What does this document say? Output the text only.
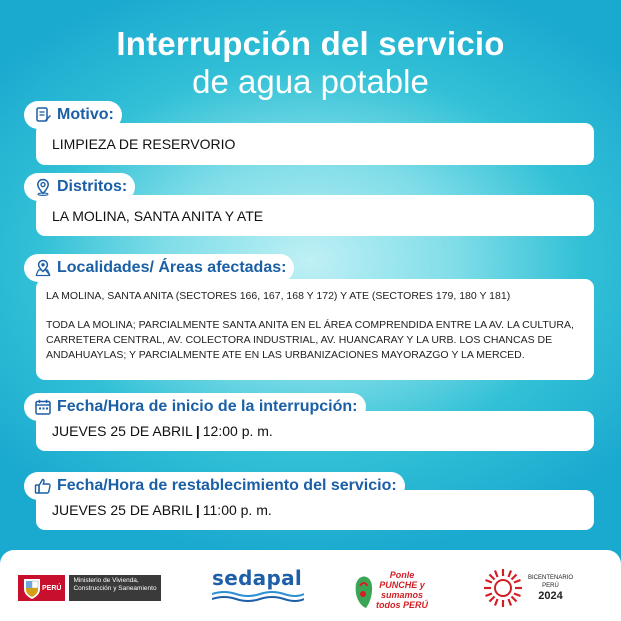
Interrupción del servicio
de agua potable
Motivo:
LIMPIEZA DE RESERVORIO
Distritos:
LA MOLINA, SANTA ANITA Y ATE
Localidades/ Áreas afectadas:

LA MOLINA, SANTA ANITA (SECTORES 166, 167, 168 Y 172) Y ATE (SECTORES 179, 180 Y 181)

TODA LA MOLINA; PARCIALMENTE SANTA ANITA EN EL ÁREA COMPRENDIDA ENTRE LA AV. LA CULTURA, CARRETERA CENTRAL, AV. COLECTORA INDUSTRIAL, AV. HUANCARAY Y LA URB. LOS CHANCAS DE ANDAHUAYLAS; Y PARCIALMENTE ATE EN LAS URBANIZACIONES MAYORAZGO Y LA MERCED.

Fecha/Hora de inicio de la interrupción:
JUEVES 25 DE ABRIL | 12:00 p. m.
Fecha/Hora de restablecimiento del servicio:
JUEVES 25 DE ABRIL | 11:00 p. m.
PERÚ
Ministerio de Vivienda, Construcción y Saneamiento	sedapal	Ponle PUNCHE y sumamos todos PERÚ
BICENTENARIO
PERÚ
2024
